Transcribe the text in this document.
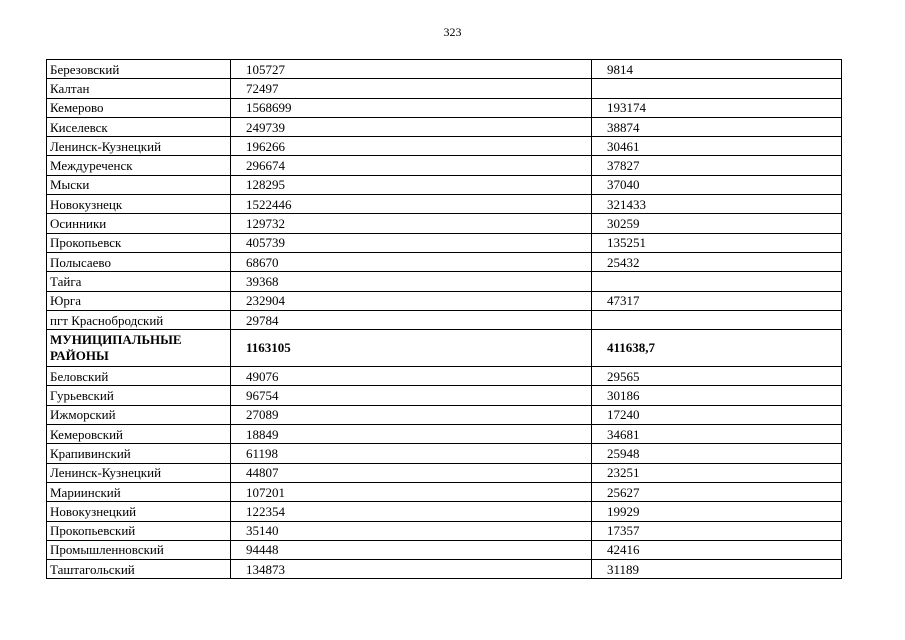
323
Березовский	105727	9814
Калтан	72497	
Кемерово	1568699	193174
Киселевск	249739	38874
Ленинск-Кузнецкий	196266	30461
Междуреченск	296674	37827
Мыски	128295	37040
Новокузнецк	1522446	321433
Осинники	129732	30259
Прокопьевск	405739	135251
Полысаево	68670	25432
Тайга	39368	
Юрга	232904	47317
пгт Краснобродский	29784	
МУНИЦИПАЛЬНЫЕ РАЙОНЫ	1163105	411638,7
Беловский	49076	29565
Гурьевский	96754	30186
Ижморский	27089	17240
Кемеровский	18849	34681
Крапивинский	61198	25948
Ленинск-Кузнецкий	44807	23251
Мариинский	107201	25627
Новокузнецкий	122354	19929
Прокопьевский	35140	17357
Промышленновский	94448	42416
Таштагольский	134873	31189
